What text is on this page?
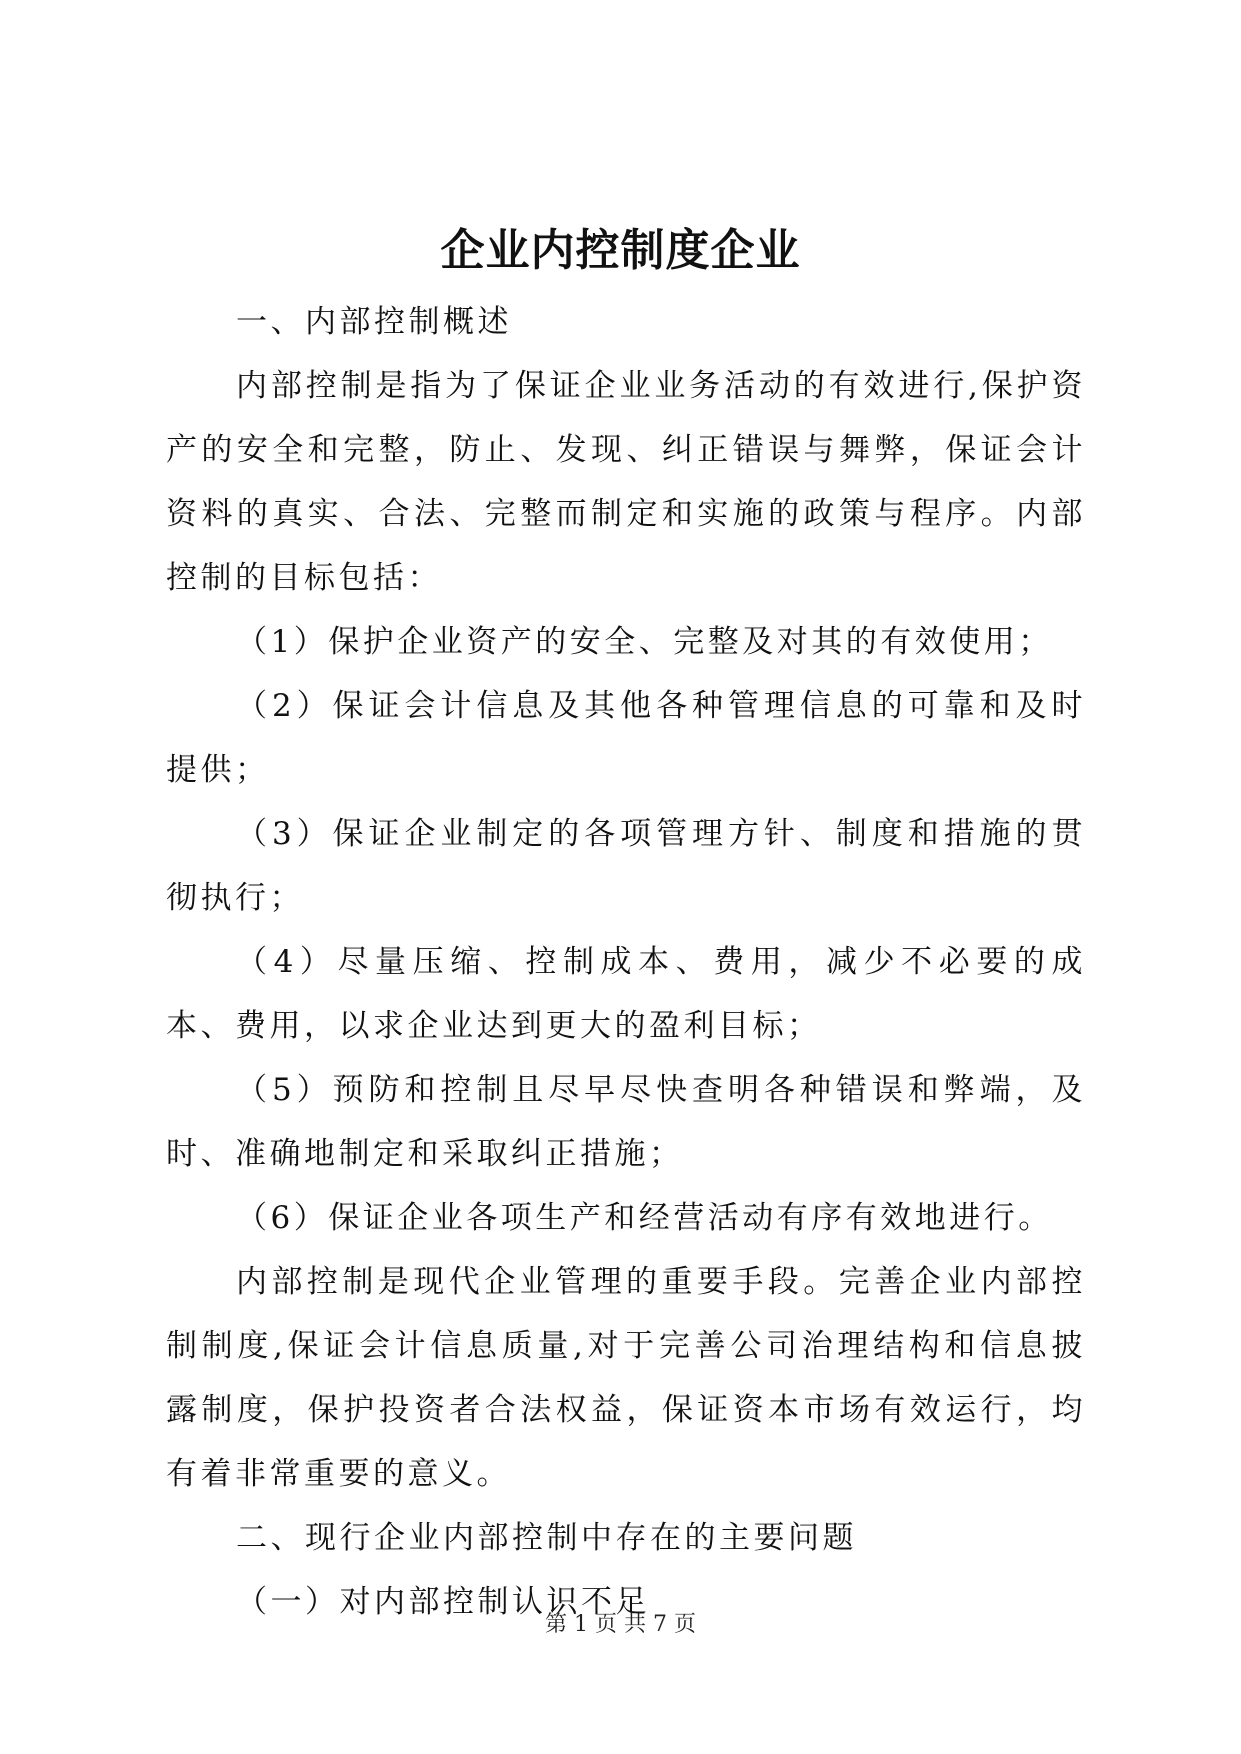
企业内控制度企业

一、内部控制概述

内部控制是指为了保证企业业务活动的有效进行,保护资产的安全和完整，防止、发现、纠正错误与舞弊，保证会计资料的真实、合法、完整而制定和实施的政策与程序。内部控制的目标包括：

（1）保护企业资产的安全、完整及对其的有效使用；

（2）保证会计信息及其他各种管理信息的可靠和及时提供；

（3）保证企业制定的各项管理方针、制度和措施的贯彻执行；

（4）尽量压缩、控制成本、费用，减少不必要的成本、费用，以求企业达到更大的盈利目标；

（5）预防和控制且尽早尽快查明各种错误和弊端，及时、准确地制定和采取纠正措施；

（6）保证企业各项生产和经营活动有序有效地进行。

内部控制是现代企业管理的重要手段。完善企业内部控制制度,保证会计信息质量,对于完善公司治理结构和信息披露制度，保护投资者合法权益，保证资本市场有效运行，均有着非常重要的意义。

二、现行企业内部控制中存在的主要问题

（一）对内部控制认识不足

第 1 页 共 7 页
